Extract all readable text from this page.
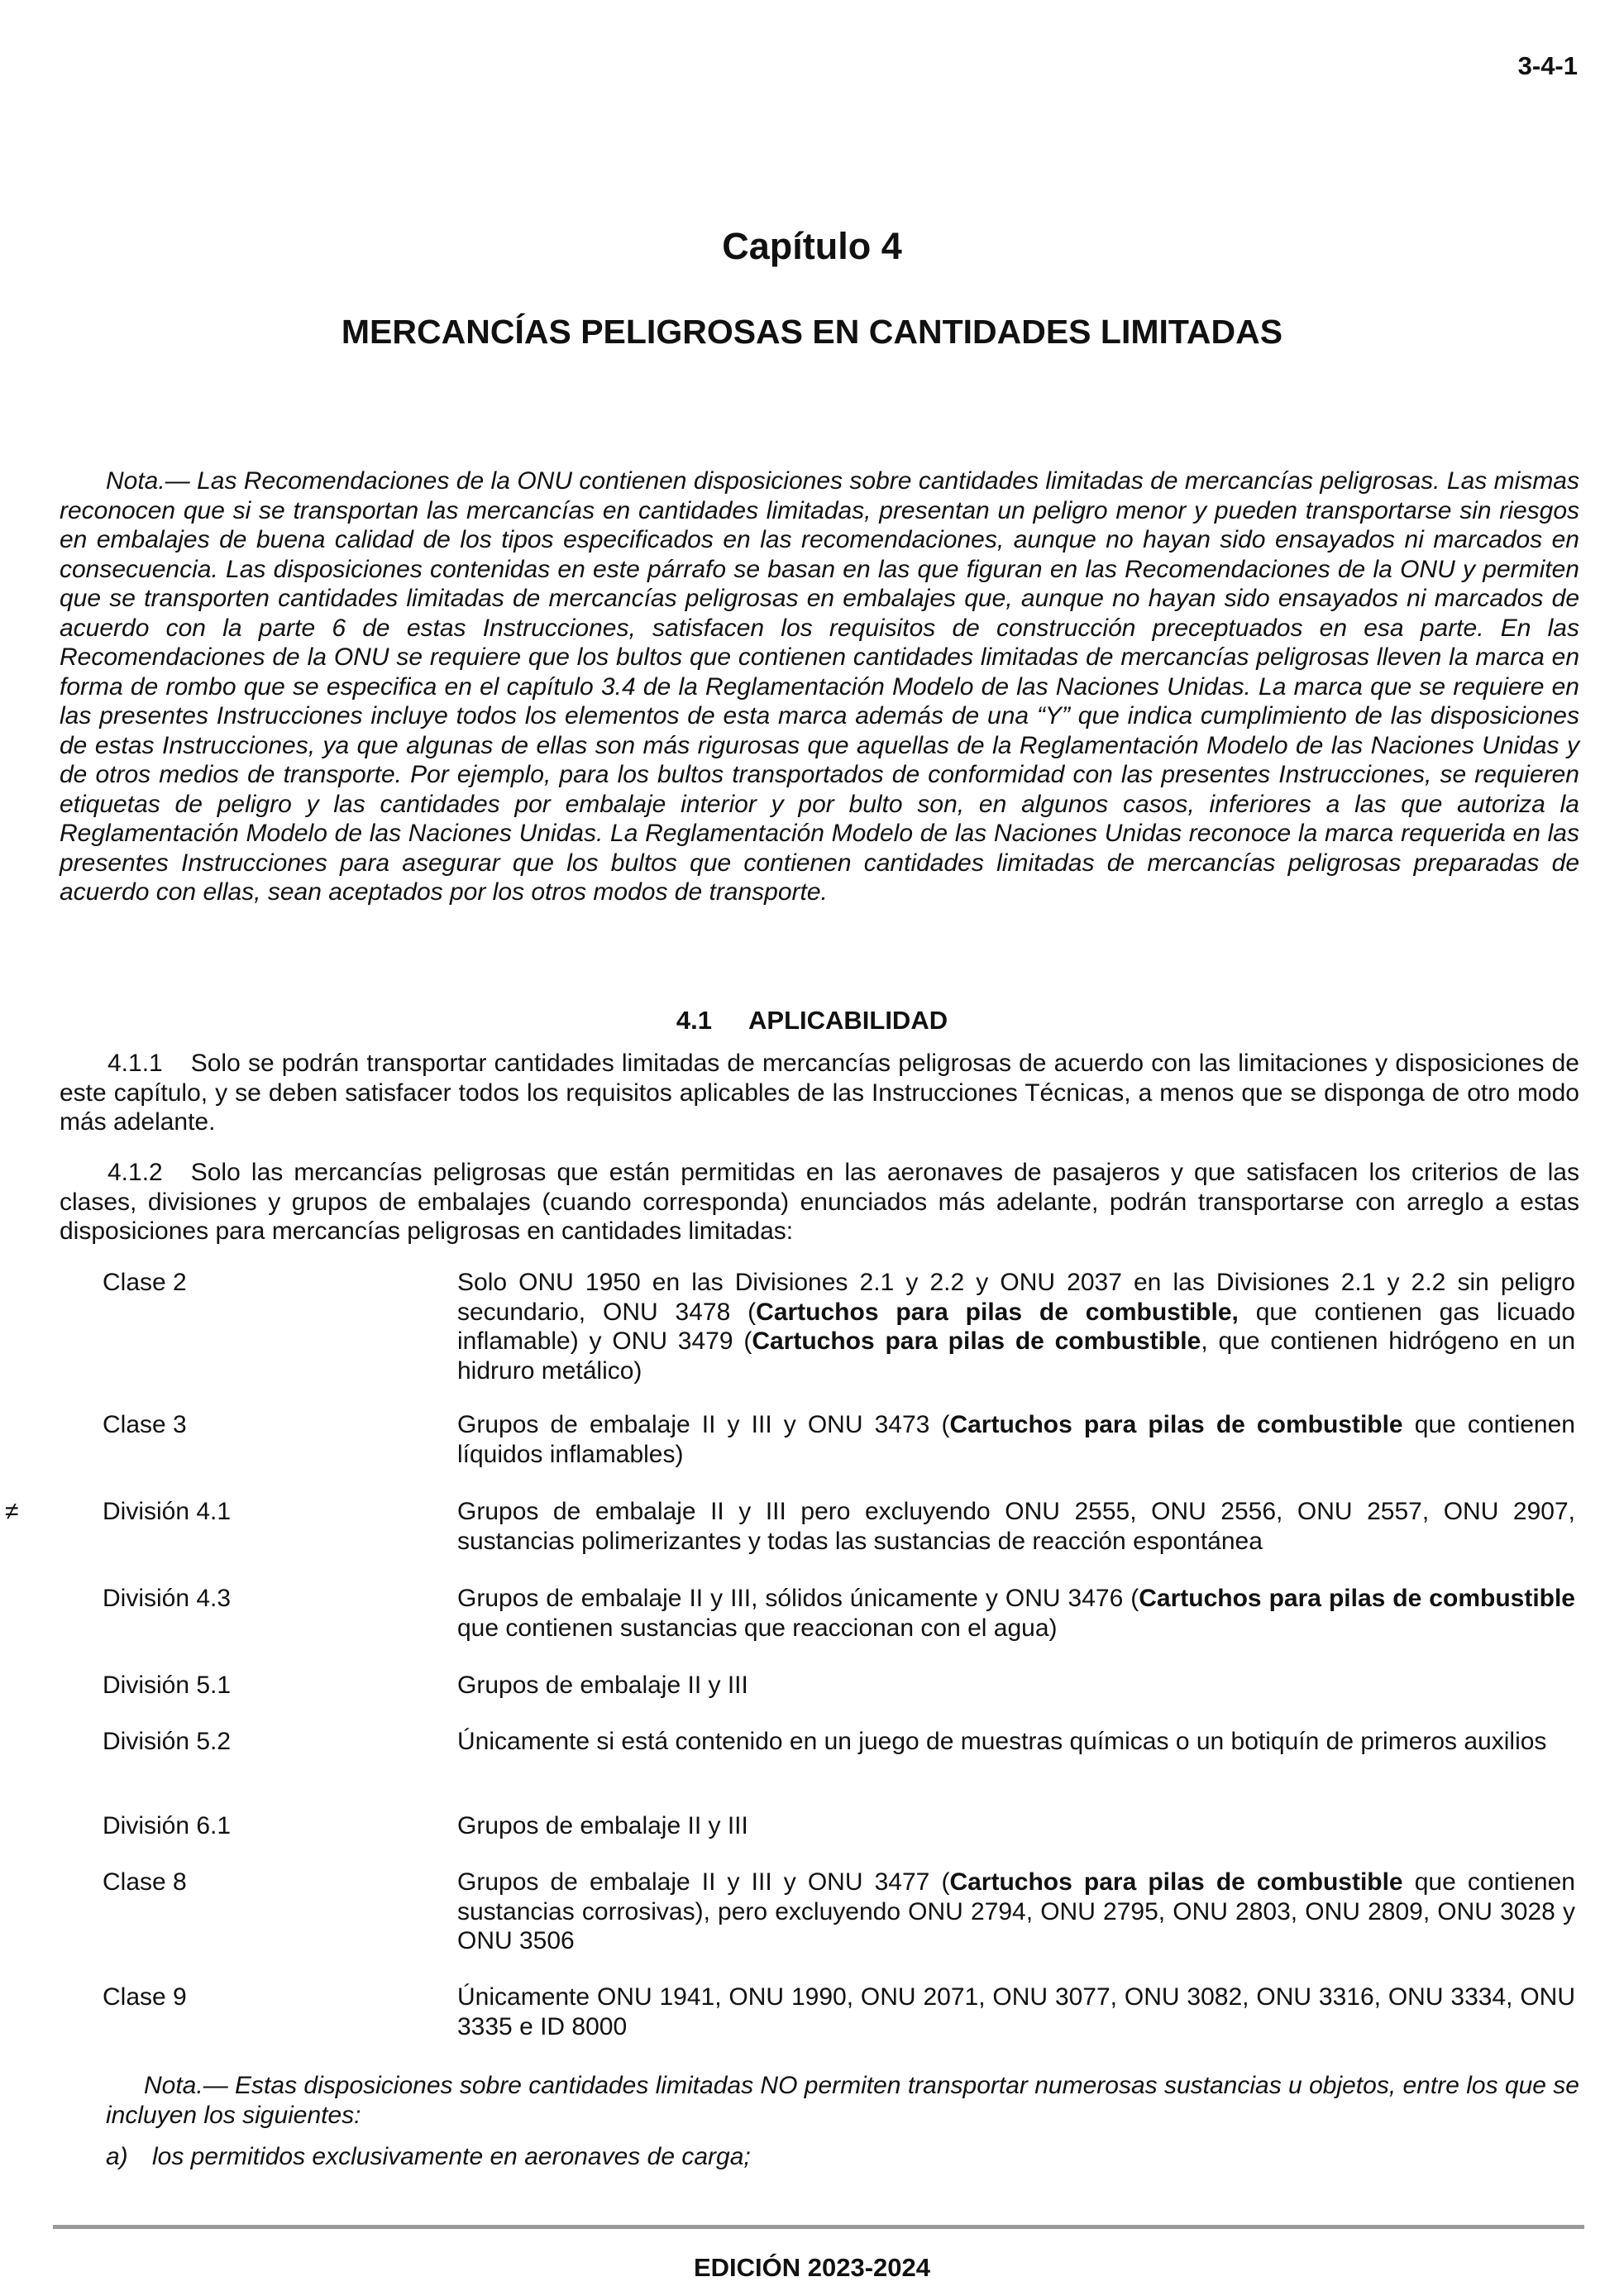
3-4-1
Capítulo 4
MERCANCÍAS PELIGROSAS EN CANTIDADES LIMITADAS

Nota.— Las Recomendaciones de la ONU contienen disposiciones sobre cantidades limitadas de mercancías peligrosas. Las mismas reconocen que si se transportan las mercancías en cantidades limitadas, presentan un peligro menor y pueden transportarse sin riesgos en embalajes de buena calidad de los tipos especificados en las recomendaciones, aunque no hayan sido ensayados ni marcados en consecuencia. Las disposiciones contenidas en este párrafo se basan en las que figuran en las Recomendaciones de la ONU y permiten que se transporten cantidades limitadas de mercancías peligrosas en embalajes que, aunque no hayan sido ensayados ni marcados de acuerdo con la parte 6 de estas Instrucciones, satisfacen los requisitos de construcción preceptuados en esa parte. En las Recomendaciones de la ONU se requiere que los bultos que contienen cantidades limitadas de mercancías peligrosas lleven la marca en forma de rombo que se especifica en el capítulo 3.4 de la Reglamentación Modelo de las Naciones Unidas. La marca que se requiere en las presentes Instrucciones incluye todos los elementos de esta marca además de una “Y” que indica cumplimiento de las disposiciones de estas Instrucciones, ya que algunas de ellas son más rigurosas que aquellas de la Reglamentación Modelo de las Naciones Unidas y de otros medios de transporte. Por ejemplo, para los bultos transportados de conformidad con las presentes Instrucciones, se requieren etiquetas de peligro y las cantidades por embalaje interior y por bulto son, en algunos casos, inferiores a las que autoriza la Reglamentación Modelo de las Naciones Unidas. La Reglamentación Modelo de las Naciones Unidas reconoce la marca requerida en las presentes Instrucciones para asegurar que los bultos que contienen cantidades limitadas de mercancías peligrosas preparadas de acuerdo con ellas, sean aceptados por los otros modos de transporte.

4.1 APLICABILIDAD

4.1.1 Solo se podrán transportar cantidades limitadas de mercancías peligrosas de acuerdo con las limitaciones y disposiciones de este capítulo, y se deben satisfacer todos los requisitos aplicables de las Instrucciones Técnicas, a menos que se disponga de otro modo más adelante.

4.1.2 Solo las mercancías peligrosas que están permitidas en las aeronaves de pasajeros y que satisfacen los criterios de las clases, divisiones y grupos de embalajes (cuando corresponda) enunciados más adelante, podrán transportarse con arreglo a estas disposiciones para mercancías peligrosas en cantidades limitadas:

Clase 2	Solo ONU 1950 en las Divisiones 2.1 y 2.2 y ONU 2037 en las Divisiones 2.1 y 2.2 sin peligro secundario, ONU 3478 (Cartuchos para pilas de combustible, que contienen gas licuado inflamable) y ONU 3479 (Cartuchos para pilas de combustible, que contienen hidrógeno en un hidruro metálico)
Clase 3	Grupos de embalaje II y III y ONU 3473 (Cartuchos para pilas de combustible que contienen líquidos inflamables)
≠	División 4.1	Grupos de embalaje II y III pero excluyendo ONU 2555, ONU 2556, ONU 2557, ONU 2907, sustancias polimerizantes y todas las sustancias de reacción espontánea
División 4.3	Grupos de embalaje II y III, sólidos únicamente y ONU 3476 (Cartuchos para pilas de combustible que contienen sustancias que reaccionan con el agua)
División 5.1	Grupos de embalaje II y III
División 5.2	Únicamente si está contenido en un juego de muestras químicas o un botiquín de primeros auxilios
División 6.1	Grupos de embalaje II y III
Clase 8	Grupos de embalaje II y III y ONU 3477 (Cartuchos para pilas de combustible que contienen sustancias corrosivas), pero excluyendo ONU 2794, ONU 2795, ONU 2803, ONU 2809, ONU 3028 y ONU 3506
Clase 9	Únicamente ONU 1941, ONU 1990, ONU 2071, ONU 3077, ONU 3082, ONU 3316, ONU 3334, ONU 3335 e ID 8000

Nota.— Estas disposiciones sobre cantidades limitadas NO permiten transportar numerosas sustancias u objetos, entre los que se incluyen los siguientes:

a) los permitidos exclusivamente en aeronaves de carga;
EDICIÓN 2023-2024
